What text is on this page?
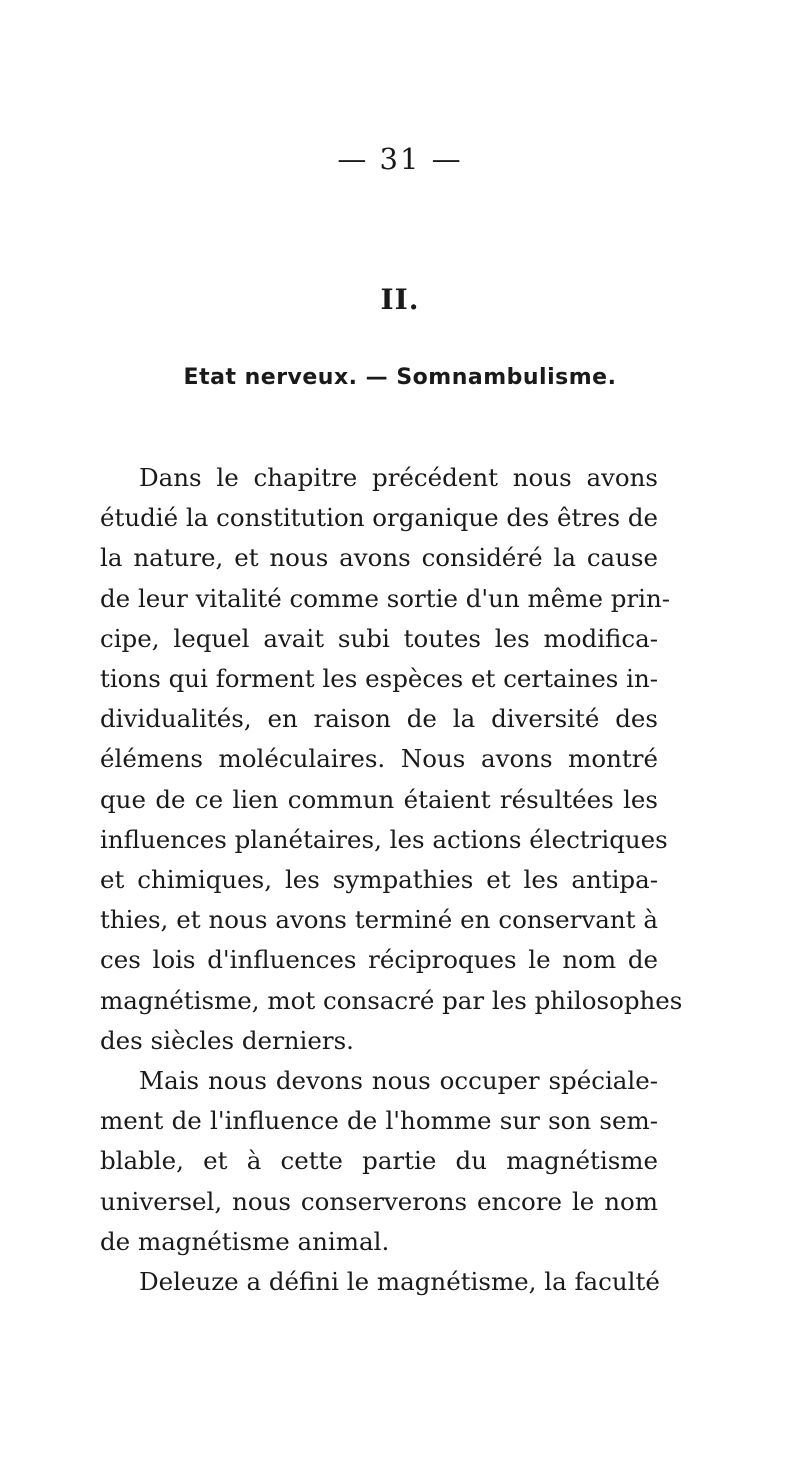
— 31 —
II.
Etat nerveux. — Somnambulisme.
Dans le chapitre précédent nous avons
étudié la constitution organique des êtres de
la nature, et nous avons considéré la cause
de leur vitalité comme sortie d'un même prin-
cipe, lequel avait subi toutes les modifica-
tions qui forment les espèces et certaines in-
dividualités, en raison de la diversité des
élémens moléculaires. Nous avons montré
que de ce lien commun étaient résultées les
influences planétaires, les actions électriques
et chimiques, les sympathies et les antipa-
thies, et nous avons terminé en conservant à
ces lois d'influences réciproques le nom de
magnétisme, mot consacré par les philosophes
des siècles derniers.
Mais nous devons nous occuper spéciale-
ment de l'influence de l'homme sur son sem-
blable, et à cette partie du magnétisme
universel, nous conserverons encore le nom
de magnétisme animal.
Deleuze a défini le magnétisme, la faculté
